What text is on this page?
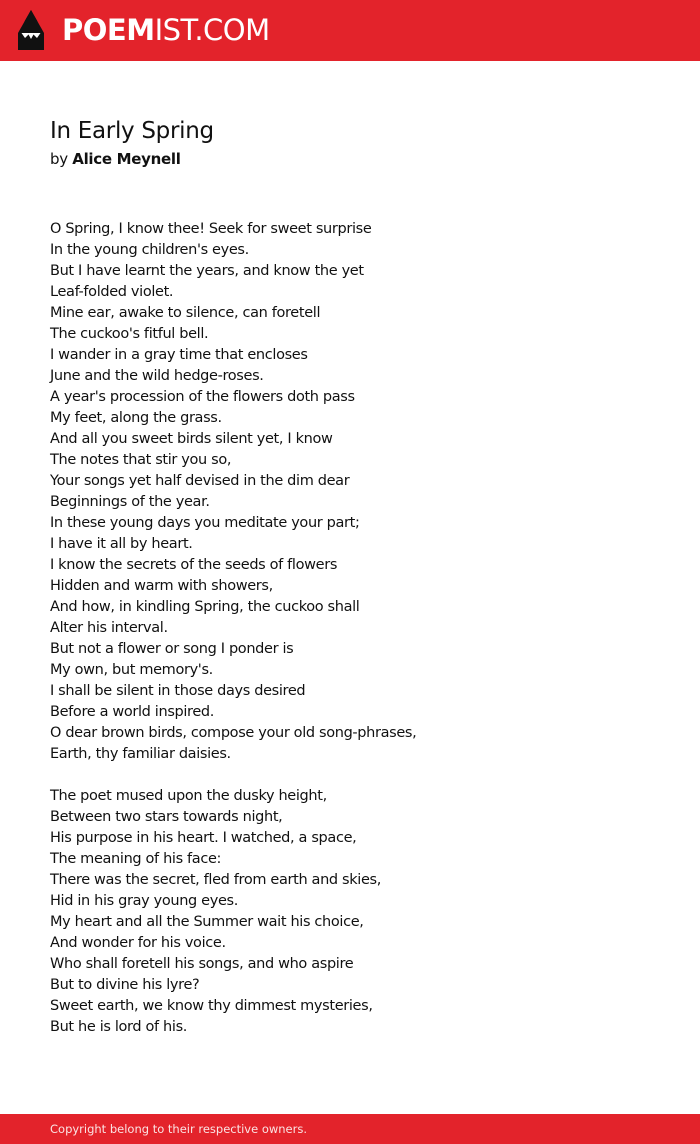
POEMIST.COM
In Early Spring
by Alice Meynell
O Spring, I know thee! Seek for sweet surprise
In the young children's eyes.
But I have learnt the years, and know the yet
Leaf-folded violet.
Mine ear, awake to silence, can foretell
The cuckoo's fitful bell.
I wander in a gray time that encloses
June and the wild hedge-roses.
A year's procession of the flowers doth pass
My feet, along the grass.
And all you sweet birds silent yet, I know
The notes that stir you so,
Your songs yet half devised in the dim dear
Beginnings of the year.
In these young days you meditate your part;
I have it all by heart.
I know the secrets of the seeds of flowers
Hidden and warm with showers,
And how, in kindling Spring, the cuckoo shall
Alter his interval.
But not a flower or song I ponder is
My own, but memory's.
I shall be silent in those days desired
Before a world inspired.
O dear brown birds, compose your old song-phrases,
Earth, thy familiar daisies.
The poet mused upon the dusky height,
Between two stars towards night,
His purpose in his heart. I watched, a space,
The meaning of his face:
There was the secret, fled from earth and skies,
Hid in his gray young eyes.
My heart and all the Summer wait his choice,
And wonder for his voice.
Who shall foretell his songs, and who aspire
But to divine his lyre?
Sweet earth, we know thy dimmest mysteries,
But he is lord of his.
Copyright belong to their respective owners.
